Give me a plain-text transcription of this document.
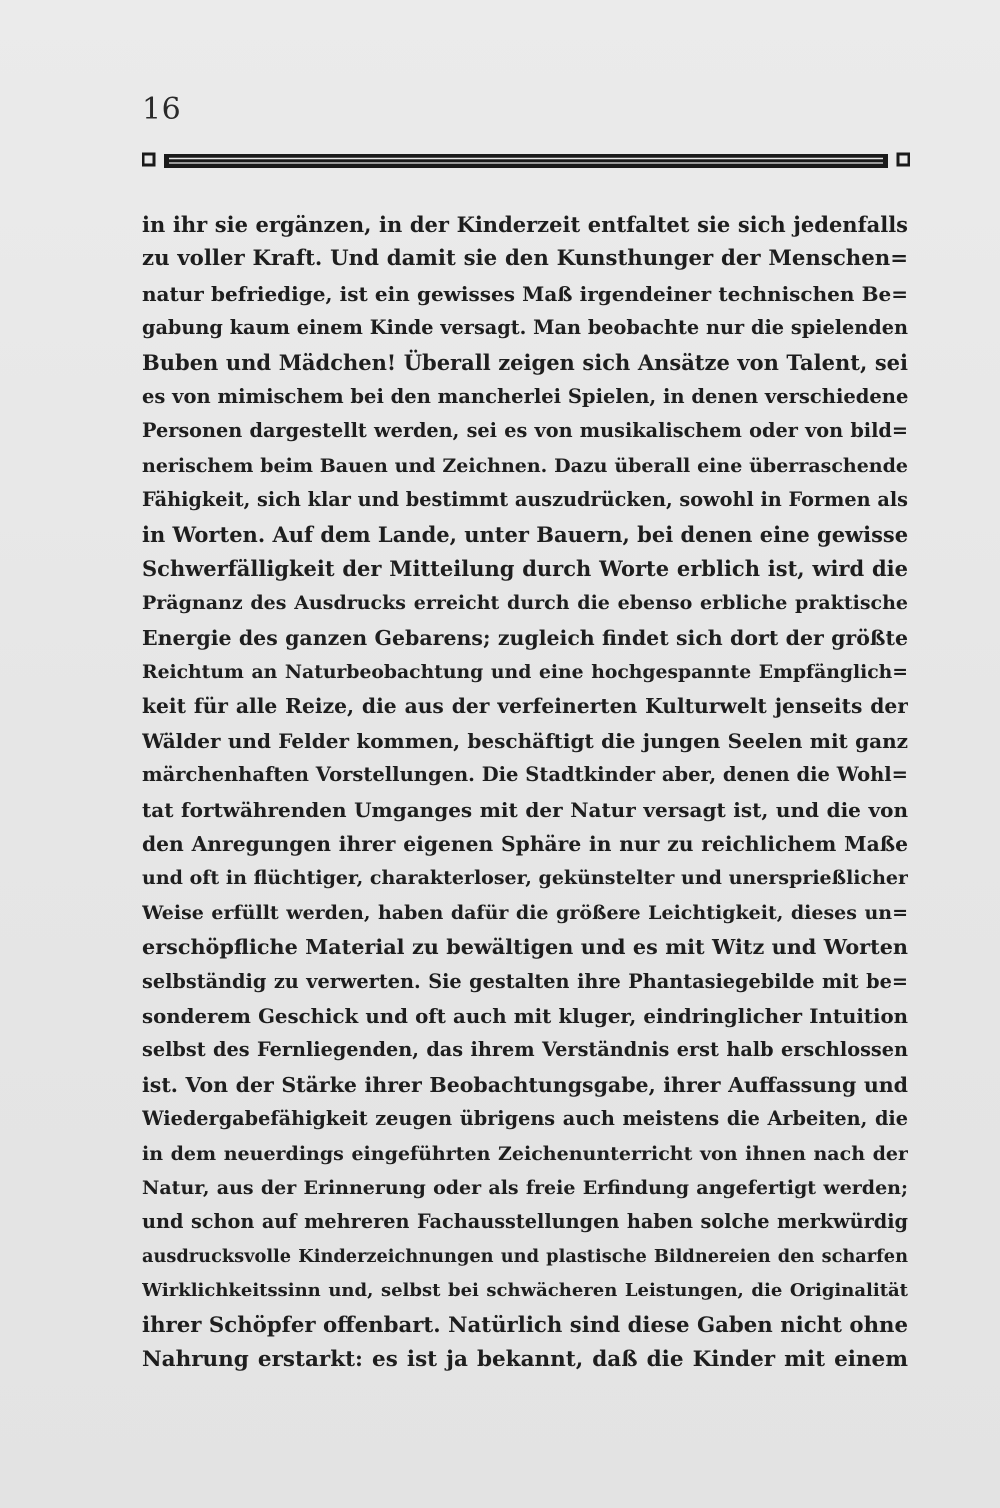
16
in ihr sie ergänzen, in der Kinderzeit entfaltet sie sich jedenfalls
zu voller Kraft. Und damit sie den Kunsthunger der Menschen=
natur befriedige, ist ein gewisses Maß irgendeiner technischen Be=
gabung kaum einem Kinde versagt. Man beobachte nur die spielenden
Buben und Mädchen! Überall zeigen sich Ansätze von Talent, sei
es von mimischem bei den mancherlei Spielen, in denen verschiedene
Personen dargestellt werden, sei es von musikalischem oder von bild=
nerischem beim Bauen und Zeichnen. Dazu überall eine überraschende
Fähigkeit, sich klar und bestimmt auszudrücken, sowohl in Formen als
in Worten. Auf dem Lande, unter Bauern, bei denen eine gewisse
Schwerfälligkeit der Mitteilung durch Worte erblich ist, wird die
Prägnanz des Ausdrucks erreicht durch die ebenso erbliche praktische
Energie des ganzen Gebarens; zugleich findet sich dort der größte
Reichtum an Naturbeobachtung und eine hochgespannte Empfänglich=
keit für alle Reize, die aus der verfeinerten Kulturwelt jenseits der
Wälder und Felder kommen, beschäftigt die jungen Seelen mit ganz
märchenhaften Vorstellungen. Die Stadtkinder aber, denen die Wohl=
tat fortwährenden Umganges mit der Natur versagt ist, und die von
den Anregungen ihrer eigenen Sphäre in nur zu reichlichem Maße
und oft in flüchtiger, charakterloser, gekünstelter und unersprießlicher
Weise erfüllt werden, haben dafür die größere Leichtigkeit, dieses un=
erschöpfliche Material zu bewältigen und es mit Witz und Worten
selbständig zu verwerten. Sie gestalten ihre Phantasiegebilde mit be=
sonderem Geschick und oft auch mit kluger, eindringlicher Intuition
selbst des Fernliegenden, das ihrem Verständnis erst halb erschlossen
ist. Von der Stärke ihrer Beobachtungsgabe, ihrer Auffassung und
Wiedergabefähigkeit zeugen übrigens auch meistens die Arbeiten, die
in dem neuerdings eingeführten Zeichenunterricht von ihnen nach der
Natur, aus der Erinnerung oder als freie Erfindung angefertigt werden;
und schon auf mehreren Fachausstellungen haben solche merkwürdig
ausdrucksvolle Kinderzeichnungen und plastische Bildnereien den scharfen
Wirklichkeitssinn und, selbst bei schwächeren Leistungen, die Originalität
ihrer Schöpfer offenbart. Natürlich sind diese Gaben nicht ohne
Nahrung erstarkt: es ist ja bekannt, daß die Kinder mit einem
